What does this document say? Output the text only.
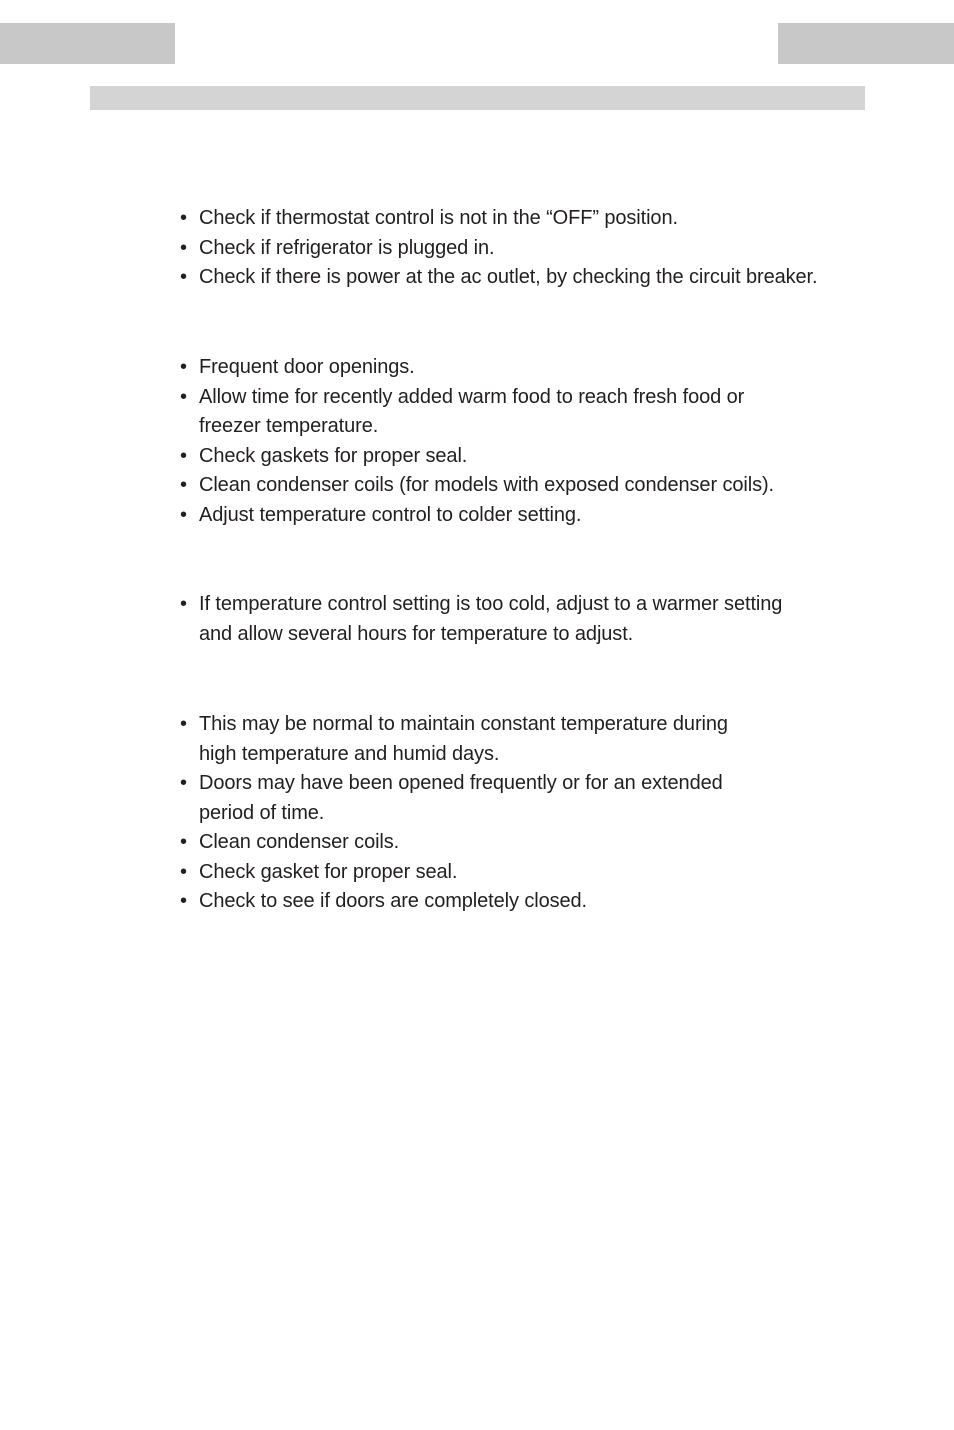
• Check if thermostat control is not in the “OFF” position.
• Check if refrigerator is plugged in.
• Check if there is power at the ac outlet, by checking the circuit breaker.
• Frequent door openings.
• Allow time for recently added warm food to reach fresh food or
freezer temperature.
• Check gaskets for proper seal.
• Clean condenser coils (for models with exposed condenser coils).
• Adjust temperature control to colder setting.
• If temperature control setting is too cold, adjust to a warmer setting
and allow several hours for temperature to adjust.
• This may be normal to maintain constant temperature during
high temperature and humid days.
• Doors may have been opened frequently or for an extended
period of time.
• Clean condenser coils.
• Check gasket for proper seal.
• Check to see if doors are completely closed.
